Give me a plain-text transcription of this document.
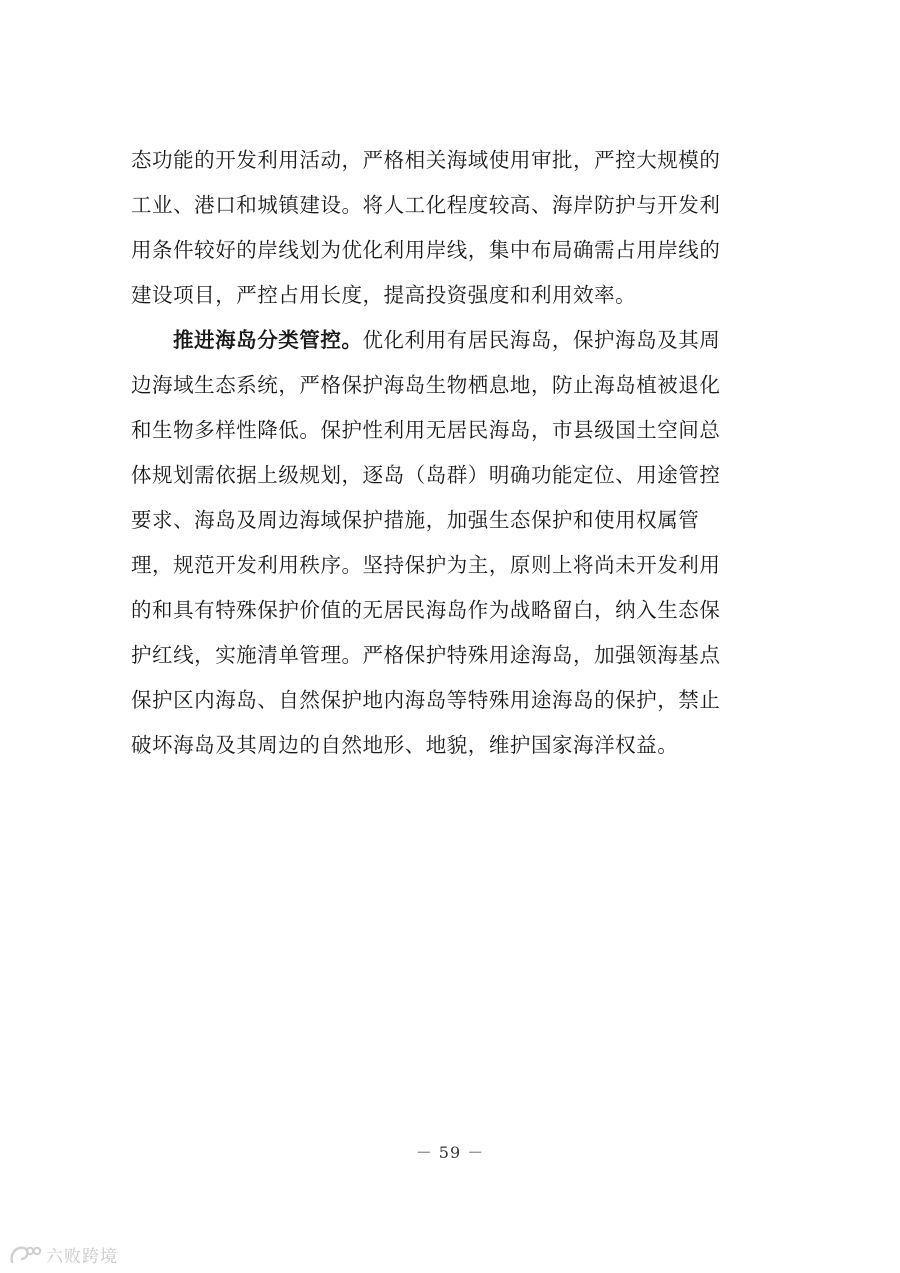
态功能的开发利用活动，严格相关海域使用审批，严控大规模的
工业、港口和城镇建设。将人工化程度较高、海岸防护与开发利
用条件较好的岸线划为优化利用岸线，集中布局确需占用岸线的
建设项目，严控占用长度，提高投资强度和利用效率。
推进海岛分类管控。优化利用有居民海岛，保护海岛及其周
边海域生态系统，严格保护海岛生物栖息地，防止海岛植被退化
和生物多样性降低。保护性利用无居民海岛，市县级国土空间总
体规划需依据上级规划，逐岛（岛群）明确功能定位、用途管控
要求、海岛及周边海域保护措施，加强生态保护和使用权属管
理，规范开发利用秩序。坚持保护为主，原则上将尚未开发利用
的和具有特殊保护价值的无居民海岛作为战略留白，纳入生态保
护红线，实施清单管理。严格保护特殊用途海岛，加强领海基点
保护区内海岛、自然保护地内海岛等特殊用途海岛的保护，禁止
破坏海岛及其周边的自然地形、地貌，维护国家海洋权益。
－ 59 －
六败跨境
